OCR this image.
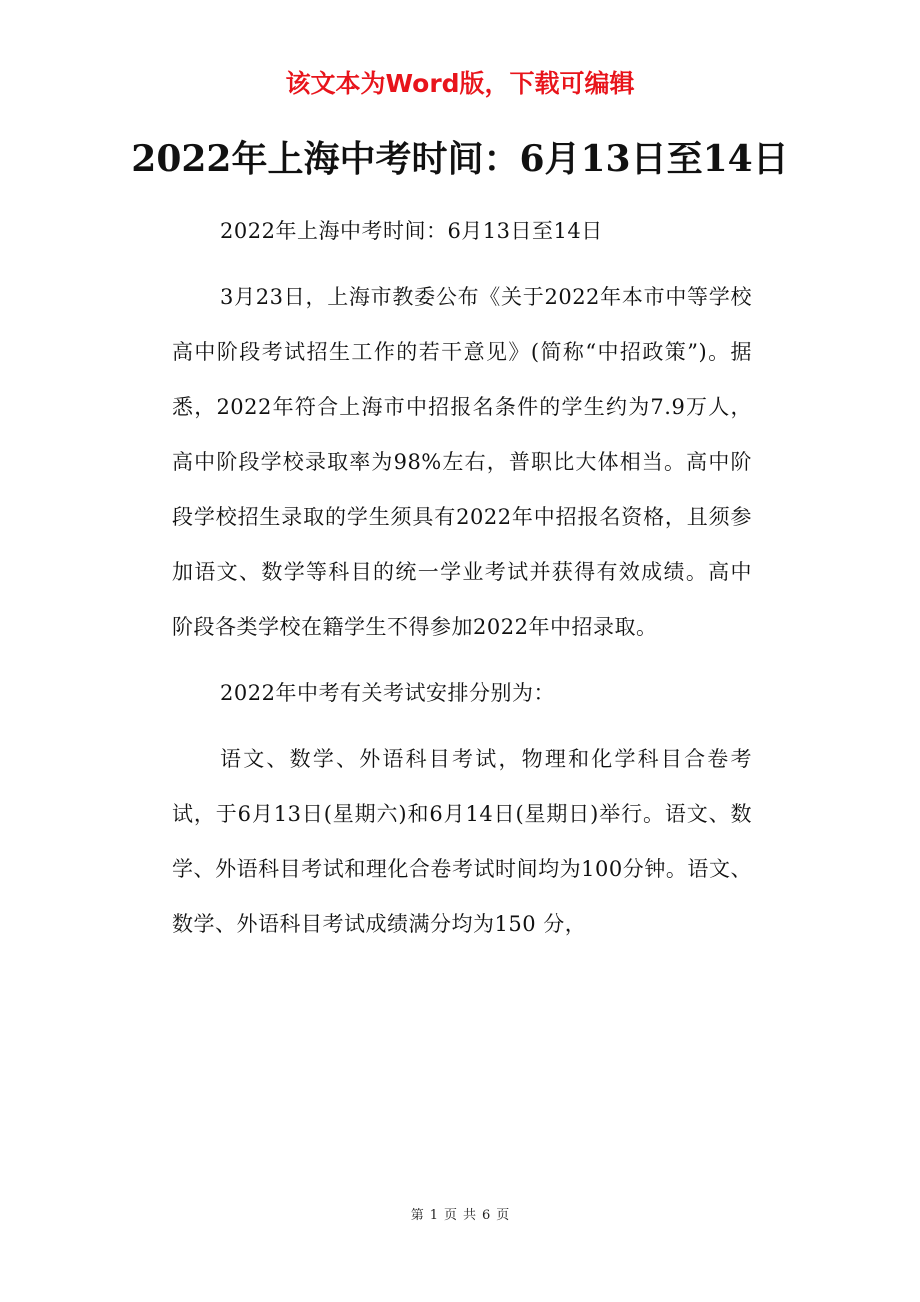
该文本为Word版，下载可编辑
2022年上海中考时间：6月13日至14日

2022年上海中考时间：6月13日至14日

3月23日，上海市教委公布《关于2022年本市中等学校高中阶段考试招生工作的若干意见》(简称“中招政策”)。据悉，2022年符合上海市中招报名条件的学生约为7.9万人，高中阶段学校录取率为98%左右，普职比大体相当。高中阶段学校招生录取的学生须具有2022年中招报名资格，且须参加语文、数学等科目的统一学业考试并获得有效成绩。高中阶段各类学校在籍学生不得参加2022年中招录取。

2022年中考有关考试安排分别为：

语文、数学、外语科目考试，物理和化学科目合卷考试，于6月13日(星期六)和6月14日(星期日)举行。语文、数学、外语科目考试和理化合卷考试时间均为100分钟。语文、数学、外语科目考试成绩满分均为150 分，

第 1 页 共 6 页
